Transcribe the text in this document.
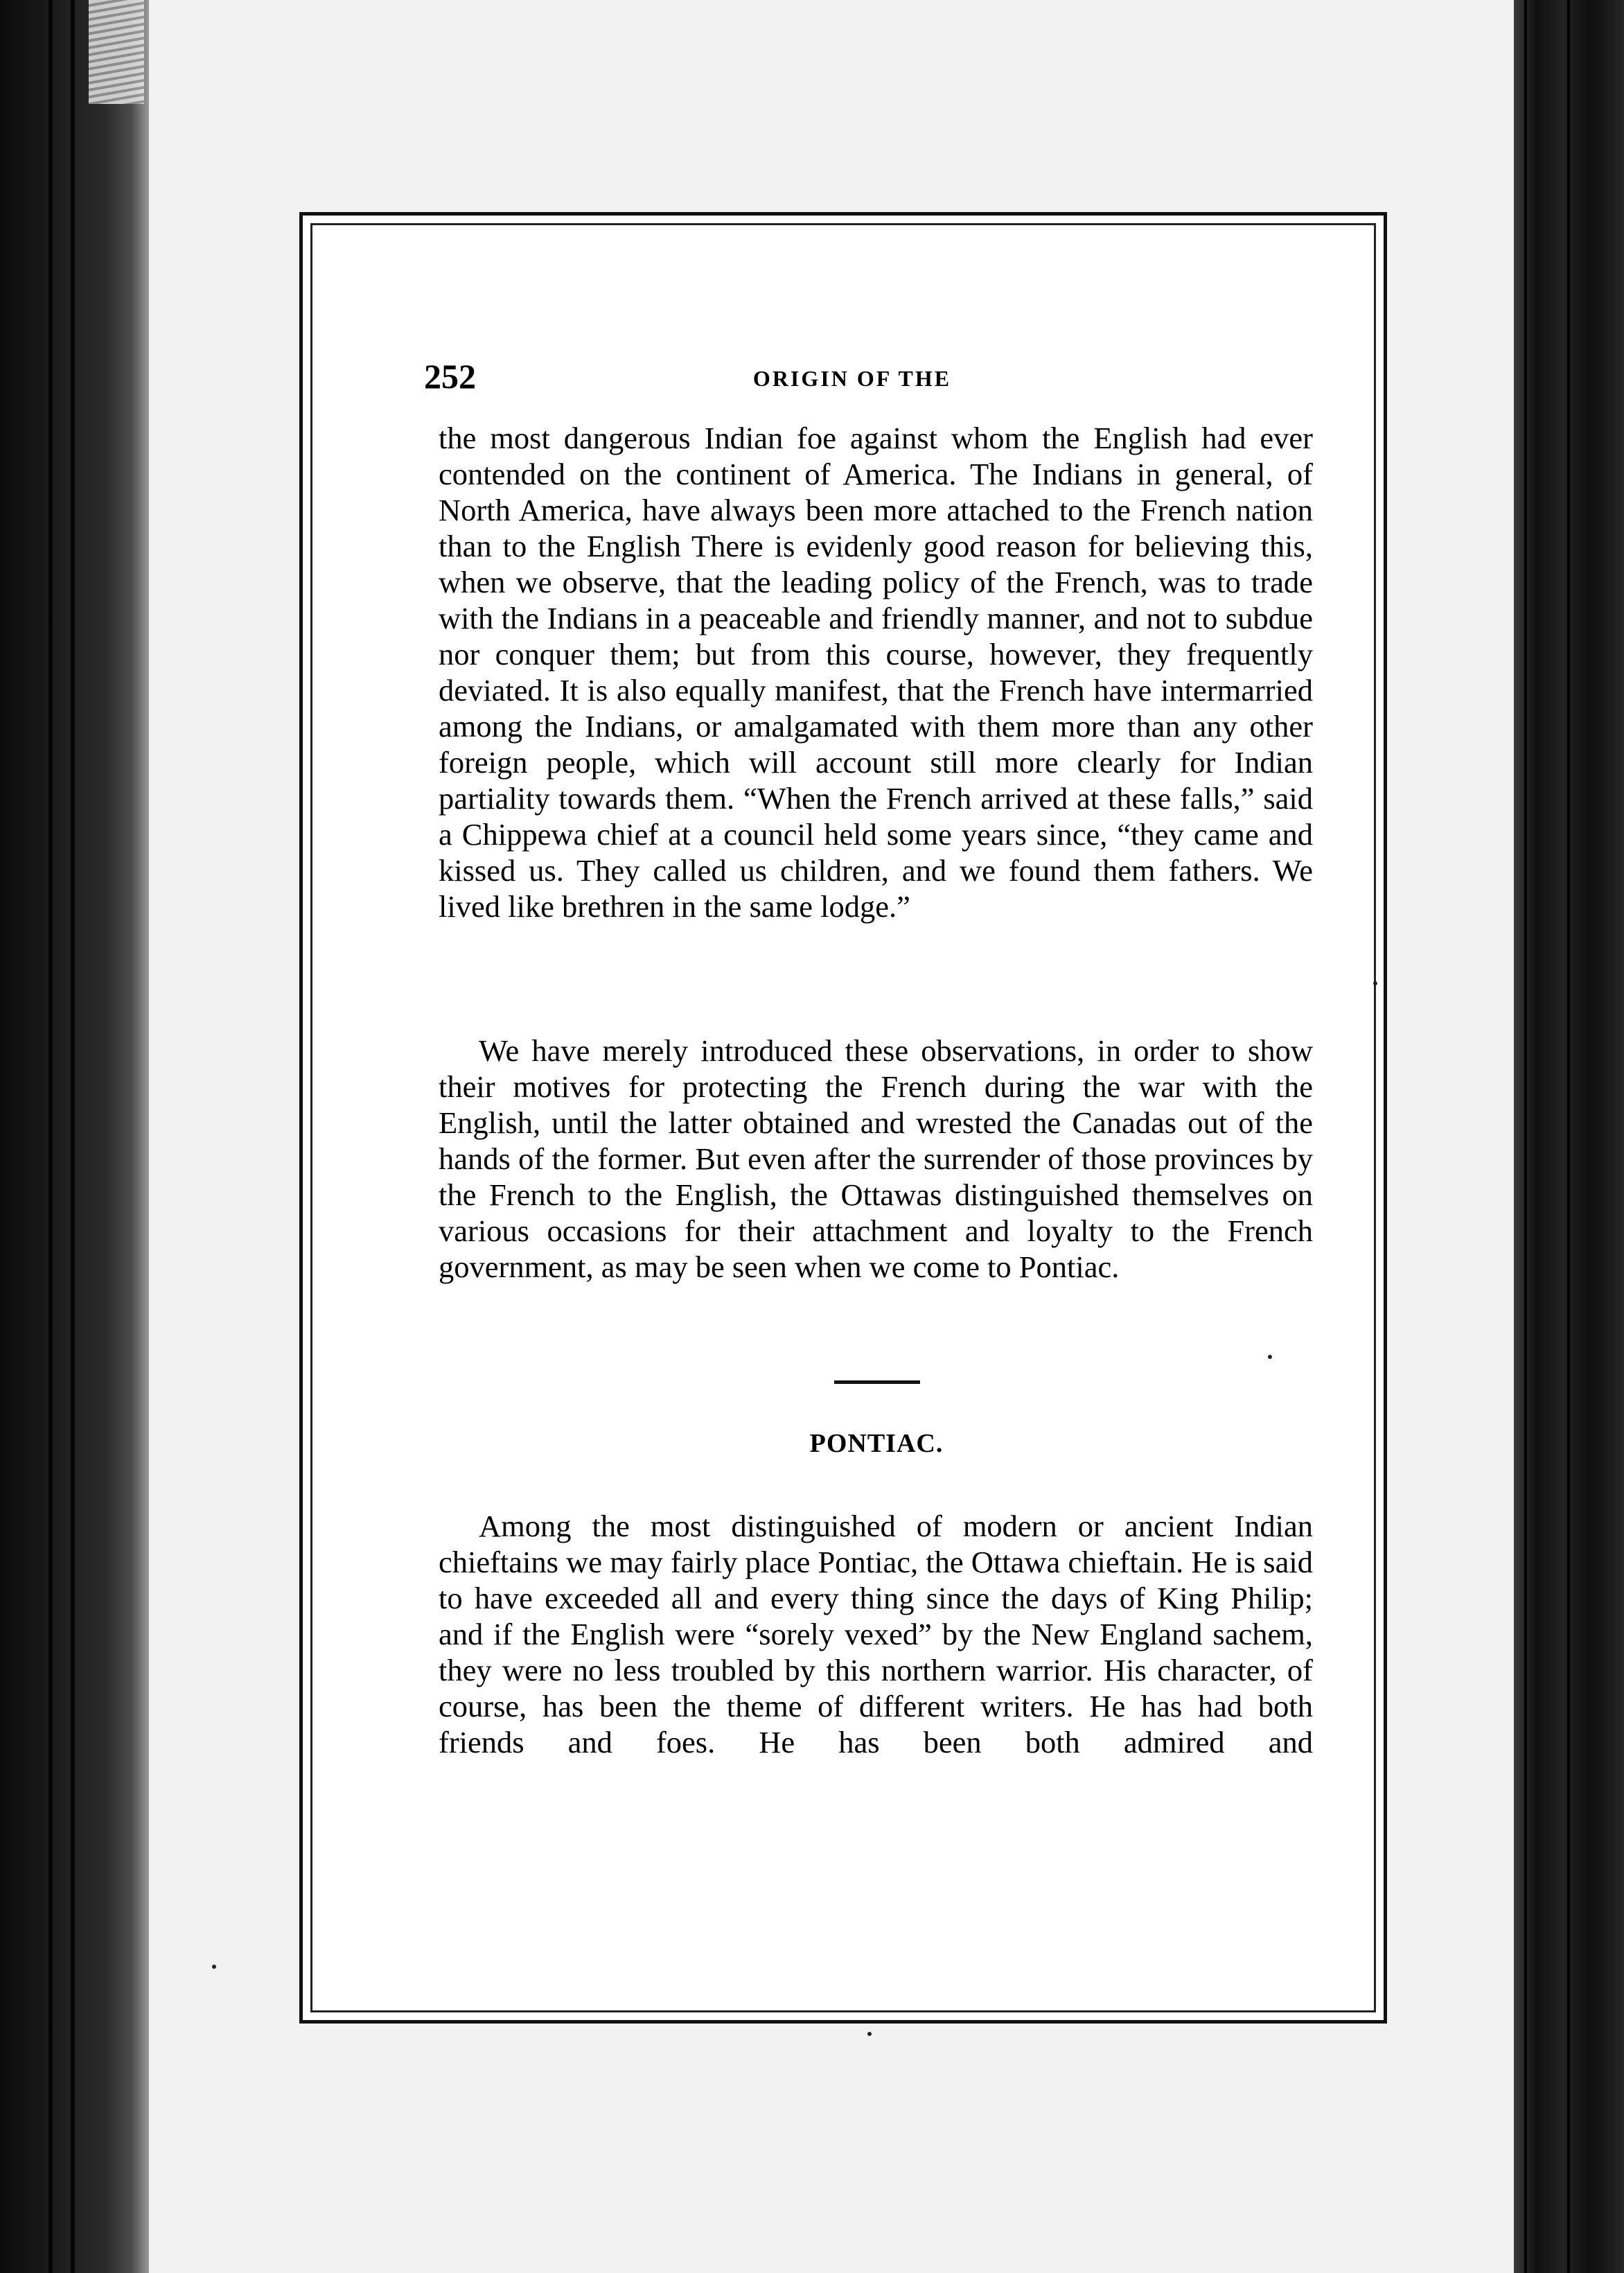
252	ORIGIN OF THE

the most dangerous Indian foe against whom the English had ever contended on the continent of America. The Indians in general, of North America, have always been more attached to the French nation than to the English There is evidenly good reason for believing this, when we observe, that the leading policy of the French, was to trade with the Indians in a peaceable and friendly manner, and not to subdue nor conquer them; but from this course, however, they frequently deviated. It is also equally manifest, that the French have intermarried among the Indians, or amalgamated with them more than any other foreign people, which will account still more clearly for Indian partiality towards them. “When the French arrived at these falls,” said a Chippewa chief at a council held some years since, “they came and kissed us. They called us children, and we found them fathers. We lived like brethren in the same lodge.”

We have merely introduced these observations, in order to show their motives for protecting the French during the war with the English, until the latter obtained and wrested the Canadas out of the hands of the former. But even after the surrender of those provinces by the French to the English, the Ottawas distinguished themselves on various occasions for their attachment and loyalty to the French government, as may be seen when we come to Pontiac.

PONTIAC.

Among the most distinguished of modern or ancient Indian chieftains we may fairly place Pontiac, the Ottawa chieftain. He is said to have exceeded all and every thing since the days of King Philip; and if the English were “sorely vexed” by the New England sachem, they were no less troubled by this northern warrior. His character, of course, has been the theme of different writers. He has had both friends and foes. He has been both admired and
